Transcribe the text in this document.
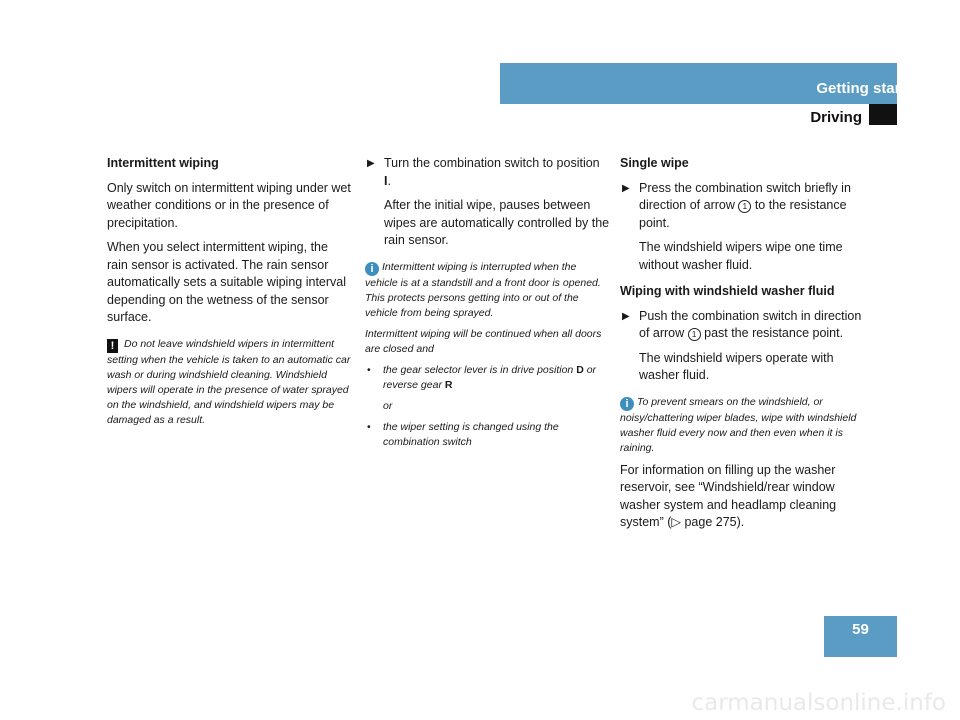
Getting started
Driving
Intermittent wiping

Only switch on intermittent wiping under wet weather conditions or in the presence of precipitation.

When you select intermittent wiping, the rain sensor is activated. The rain sensor automatically sets a suitable wiping interval depending on the wetness of the sensor surface.

! Do not leave windshield wipers in intermittent setting when the vehicle is taken to an automatic car wash or during windshield cleaning. Windshield wipers will operate in the presence of water sprayed on the windshield, and windshield wipers may be damaged as a result.
▶ Turn the combination switch to position I.
After the initial wipe, pauses between wipes are automatically controlled by the rain sensor.

i Intermittent wiping is interrupted when the vehicle is at a standstill and a front door is opened. This protects persons getting into or out of the vehicle from being sprayed.

Intermittent wiping will be continued when all doors are closed and

• the gear selector lever is in drive position D or reverse gear R
or
• the wiper setting is changed using the combination switch
Single wipe
▶ Press the combination switch briefly in direction of arrow 1 to the resistance point.
The windshield wipers wipe one time without washer fluid.
Wiping with windshield washer fluid
▶ Push the combination switch in direction of arrow 1 past the resistance point.
The windshield wipers operate with washer fluid.
i To prevent smears on the windshield, or noisy/chattering wiper blades, wipe with windshield washer fluid every now and then even when it is raining.

For information on filling up the washer reservoir, see “Windshield/rear window washer system and headlamp cleaning system” (▷ page 275).

59
carmanualsonline.info
